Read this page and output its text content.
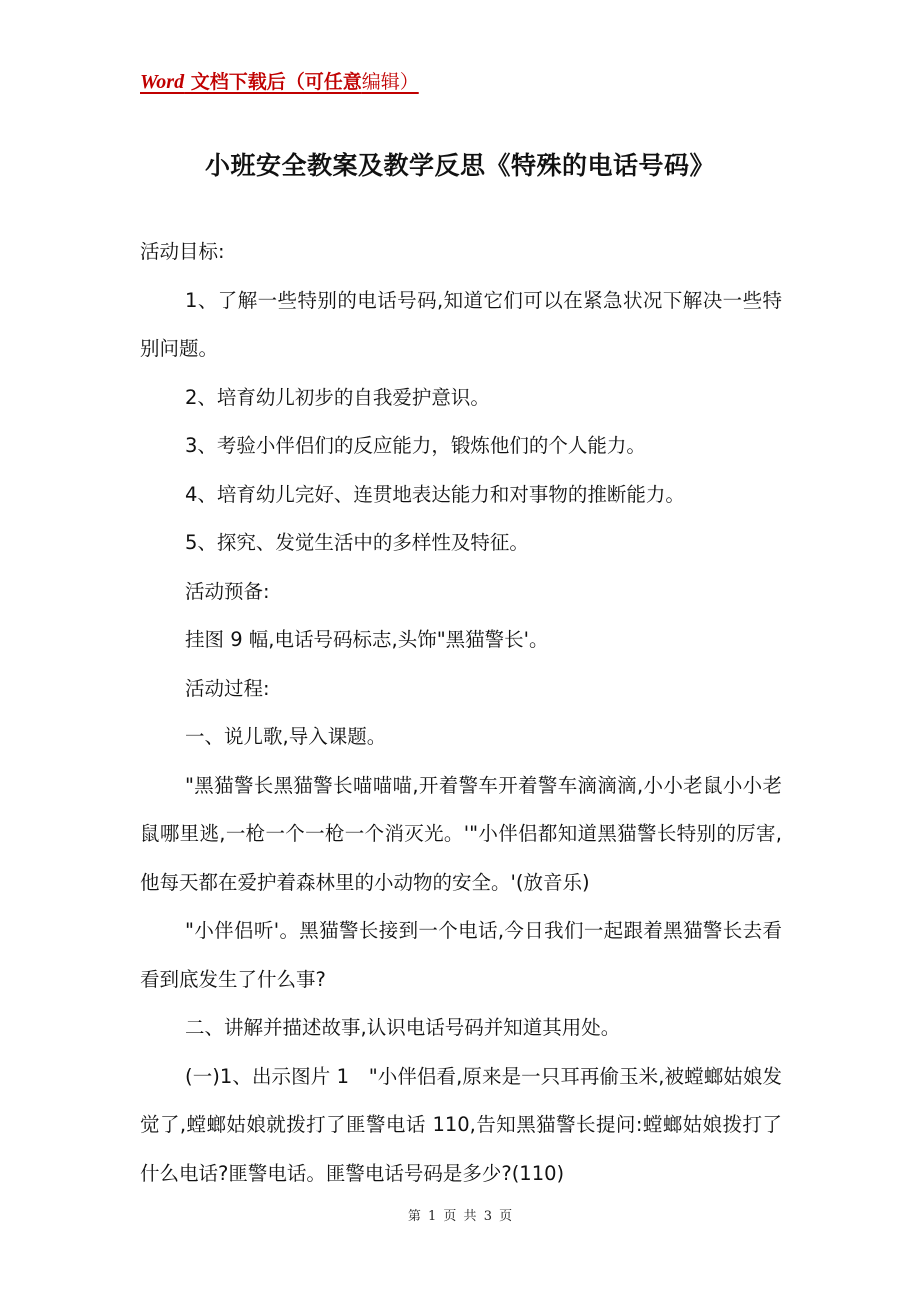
Word 文档下载后（可任意编辑）
小班安全教案及教学反思《特殊的电话号码》

活动目标:

1、了解一些特别的电话号码,知道它们可以在紧急状况下解决一些特别问题。

2、培育幼儿初步的自我爱护意识。

3、考验小伴侣们的反应能力，锻炼他们的个人能力。

4、培育幼儿完好、连贯地表达能力和对事物的推断能力。

5、探究、发觉生活中的多样性及特征。

活动预备:

挂图 9 幅,电话号码标志,头饰"黑猫警长'。

活动过程:

一、说儿歌,导入课题。

"黑猫警长黑猫警长喵喵喵,开着警车开着警车滴滴滴,小小老鼠小小老鼠哪里逃,一枪一个一枪一个消灭光。'"小伴侣都知道黑猫警长特别的厉害,他每天都在爱护着森林里的小动物的安全。'(放音乐)

"小伴侣听'。黑猫警长接到一个电话,今日我们一起跟着黑猫警长去看看到底发生了什么事?

二、讲解并描述故事,认识电话号码并知道其用处。

(一)1、出示图片 1　"小伴侣看,原来是一只耳再偷玉米,被螳螂姑娘发觉了,螳螂姑娘就拨打了匪警电话 110,告知黑猫警长提问:螳螂姑娘拨打了什么电话?匪警电话。匪警电话号码是多少?(110)

第 1 页 共 3 页
